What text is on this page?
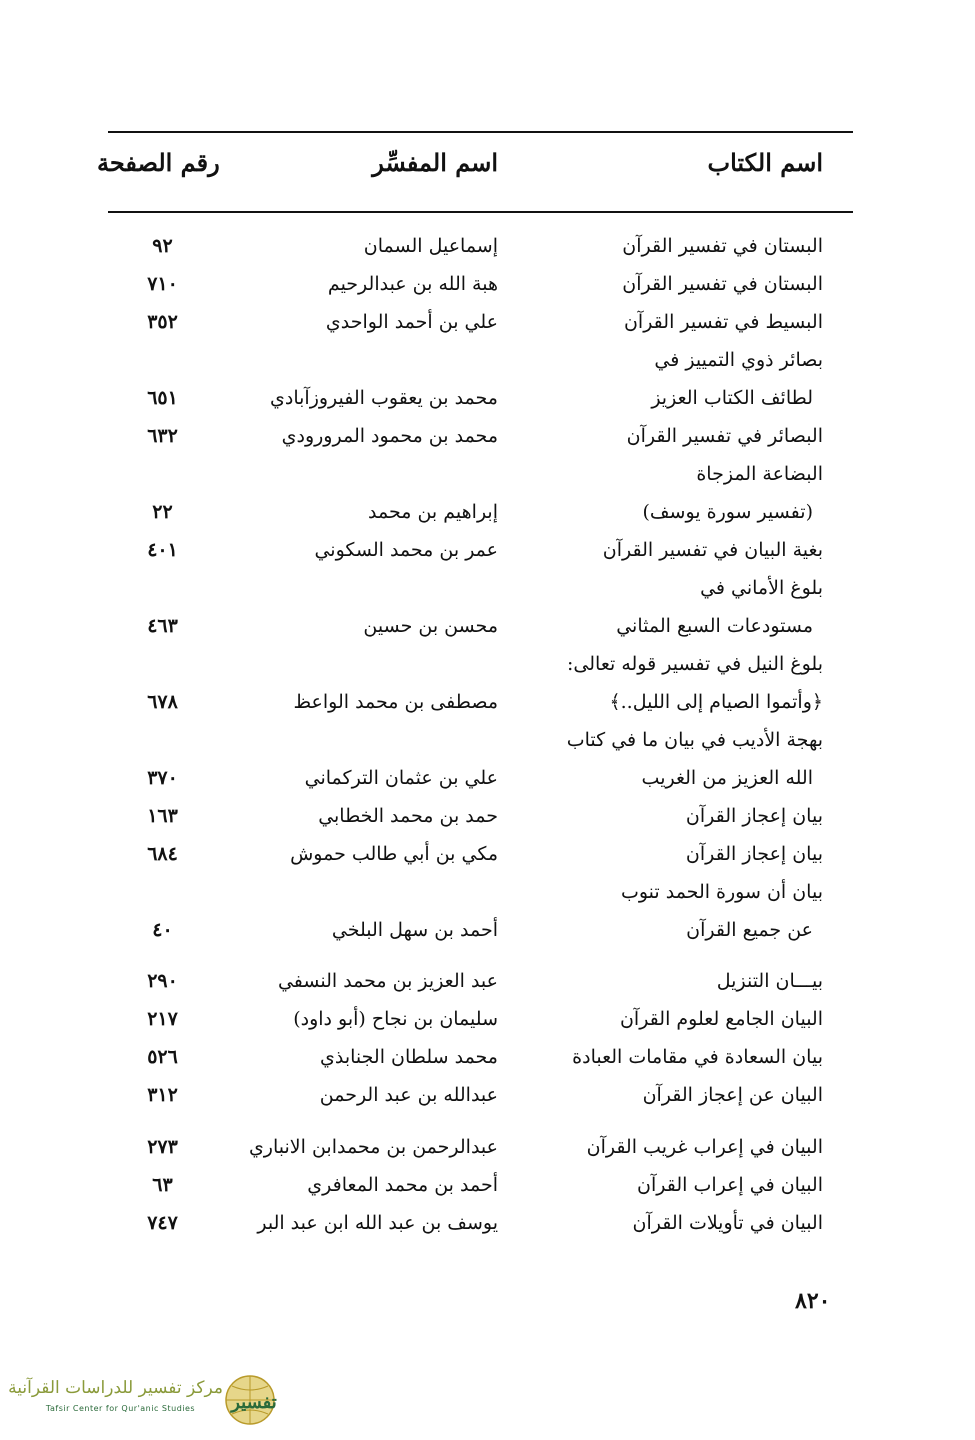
اسم الكتاب
اسم المفسِّر
رقم الصفحة
البستان في تفسير القرآن
إسماعيل السمان
٩٢
البستان في تفسير القرآن
هبة الله بن عبدالرحيم
٧١٠
البسيط في تفسير القرآن
علي بن أحمد الواحدي
٣٥٢
بصائر ذوي التمييز في
لطائف الكتاب العزيز
محمد بن يعقوب الفيروزآبادي
٦٥١
البصائر في تفسير القرآن
محمد بن محمود المرورودي
٦٣٢
البضاعة المزجاة
(تفسير سورة يوسف)
إبراهيم بن محمد
٢٢
بغية البيان في تفسير القرآن
عمر بن محمد السكوني
٤٠١
بلوغ الأماني في
مستودعات السبع المثاني
محسن بن حسين
٤٦٣
بلوغ النيل في تفسير قوله تعالى:
﴿وأتموا الصيام إلى الليل..﴾
مصطفى بن محمد الواعظ
٦٧٨
بهجة الأديب في بيان ما في كتاب
الله العزيز من الغريب
علي بن عثمان التركماني
٣٧٠
بيان إعجاز القرآن
حمد بن محمد الخطابي
١٦٣
بيان إعجاز القرآن
مكي بن أبي طالب حموش
٦٨٤
بيان أن سورة الحمد تنوب
عن جميع القرآن
أحمد بن سهل البلخي
٤٠
بيـــان التنزيل
عبد العزيز بن محمد النسفي
٢٩٠
البيان الجامع لعلوم القرآن
سليمان بن نجاح (أبو داود)
٢١٧
بيان السعادة في مقامات العبادة
محمد سلطان الجنابذي
٥٢٦
البيان عن إعجاز القرآن
عبدالله بن عبد الرحمن
٣١٢
البيان في إعراب غريب القرآن
عبدالرحمن بن محمدابن الانباري
٢٧٣
البيان في إعراب القرآن
أحمد بن محمد المعافري
٦٣
البيان في تأويلات القرآن
يوسف بن عبد الله ابن عبد البر
٧٤٧
٨٢٠
مركز تفسير للدراسات القرآنية
Tafsir Center for Qur'anic Studies	تفسير
